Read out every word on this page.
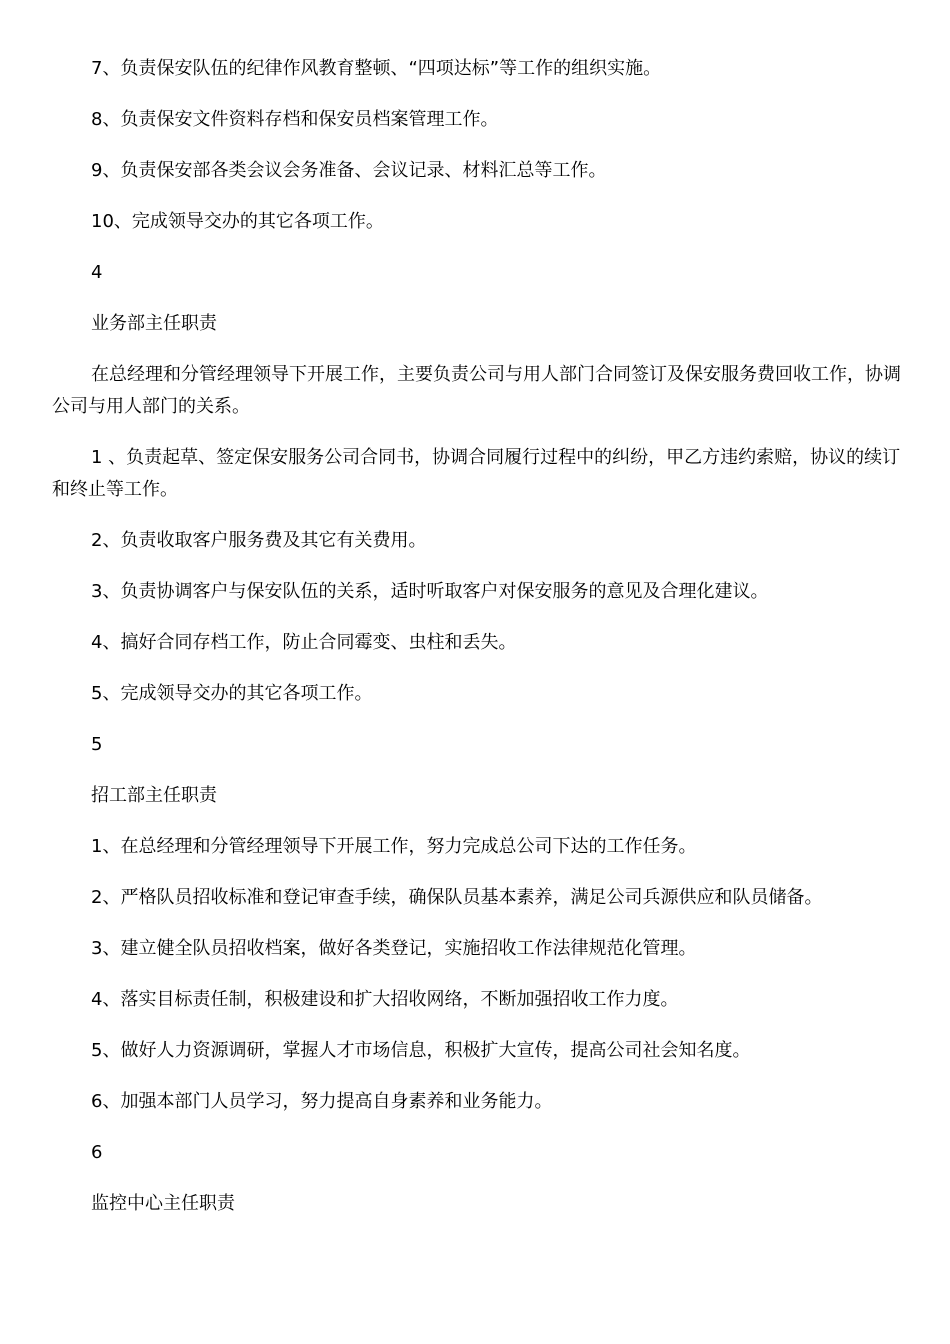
7、负责保安队伍的纪律作风教育整顿、“四项达标”等工作的组织实施。
8、负责保安文件资料存档和保安员档案管理工作。
9、负责保安部各类会议会务准备、会议记录、材料汇总等工作。
10、完成领导交办的其它各项工作。
4
业务部主任职责
在总经理和分管经理领导下开展工作，主要负责公司与用人部门合同签订及保安服务费回收工作，协调公司与用人部门的关系。
1 、负责起草、签定保安服务公司合同书，协调合同履行过程中的纠纷，甲乙方违约索赔，协议的续订和终止等工作。
2、负责收取客户服务费及其它有关费用。
3、负责协调客户与保安队伍的关系，适时听取客户对保安服务的意见及合理化建议。
4、搞好合同存档工作，防止合同霉变、虫柱和丢失。
5、完成领导交办的其它各项工作。
5
招工部主任职责
1、在总经理和分管经理领导下开展工作，努力完成总公司下达的工作任务。
2、严格队员招收标准和登记审查手续，确保队员基本素养，满足公司兵源供应和队员储备。
3、建立健全队员招收档案，做好各类登记，实施招收工作法律规范化管理。
4、落实目标责任制，积极建设和扩大招收网络，不断加强招收工作力度。
5、做好人力资源调研，掌握人才市场信息，积极扩大宣传，提高公司社会知名度。
6、加强本部门人员学习，努力提高自身素养和业务能力。
6
监控中心主任职责
